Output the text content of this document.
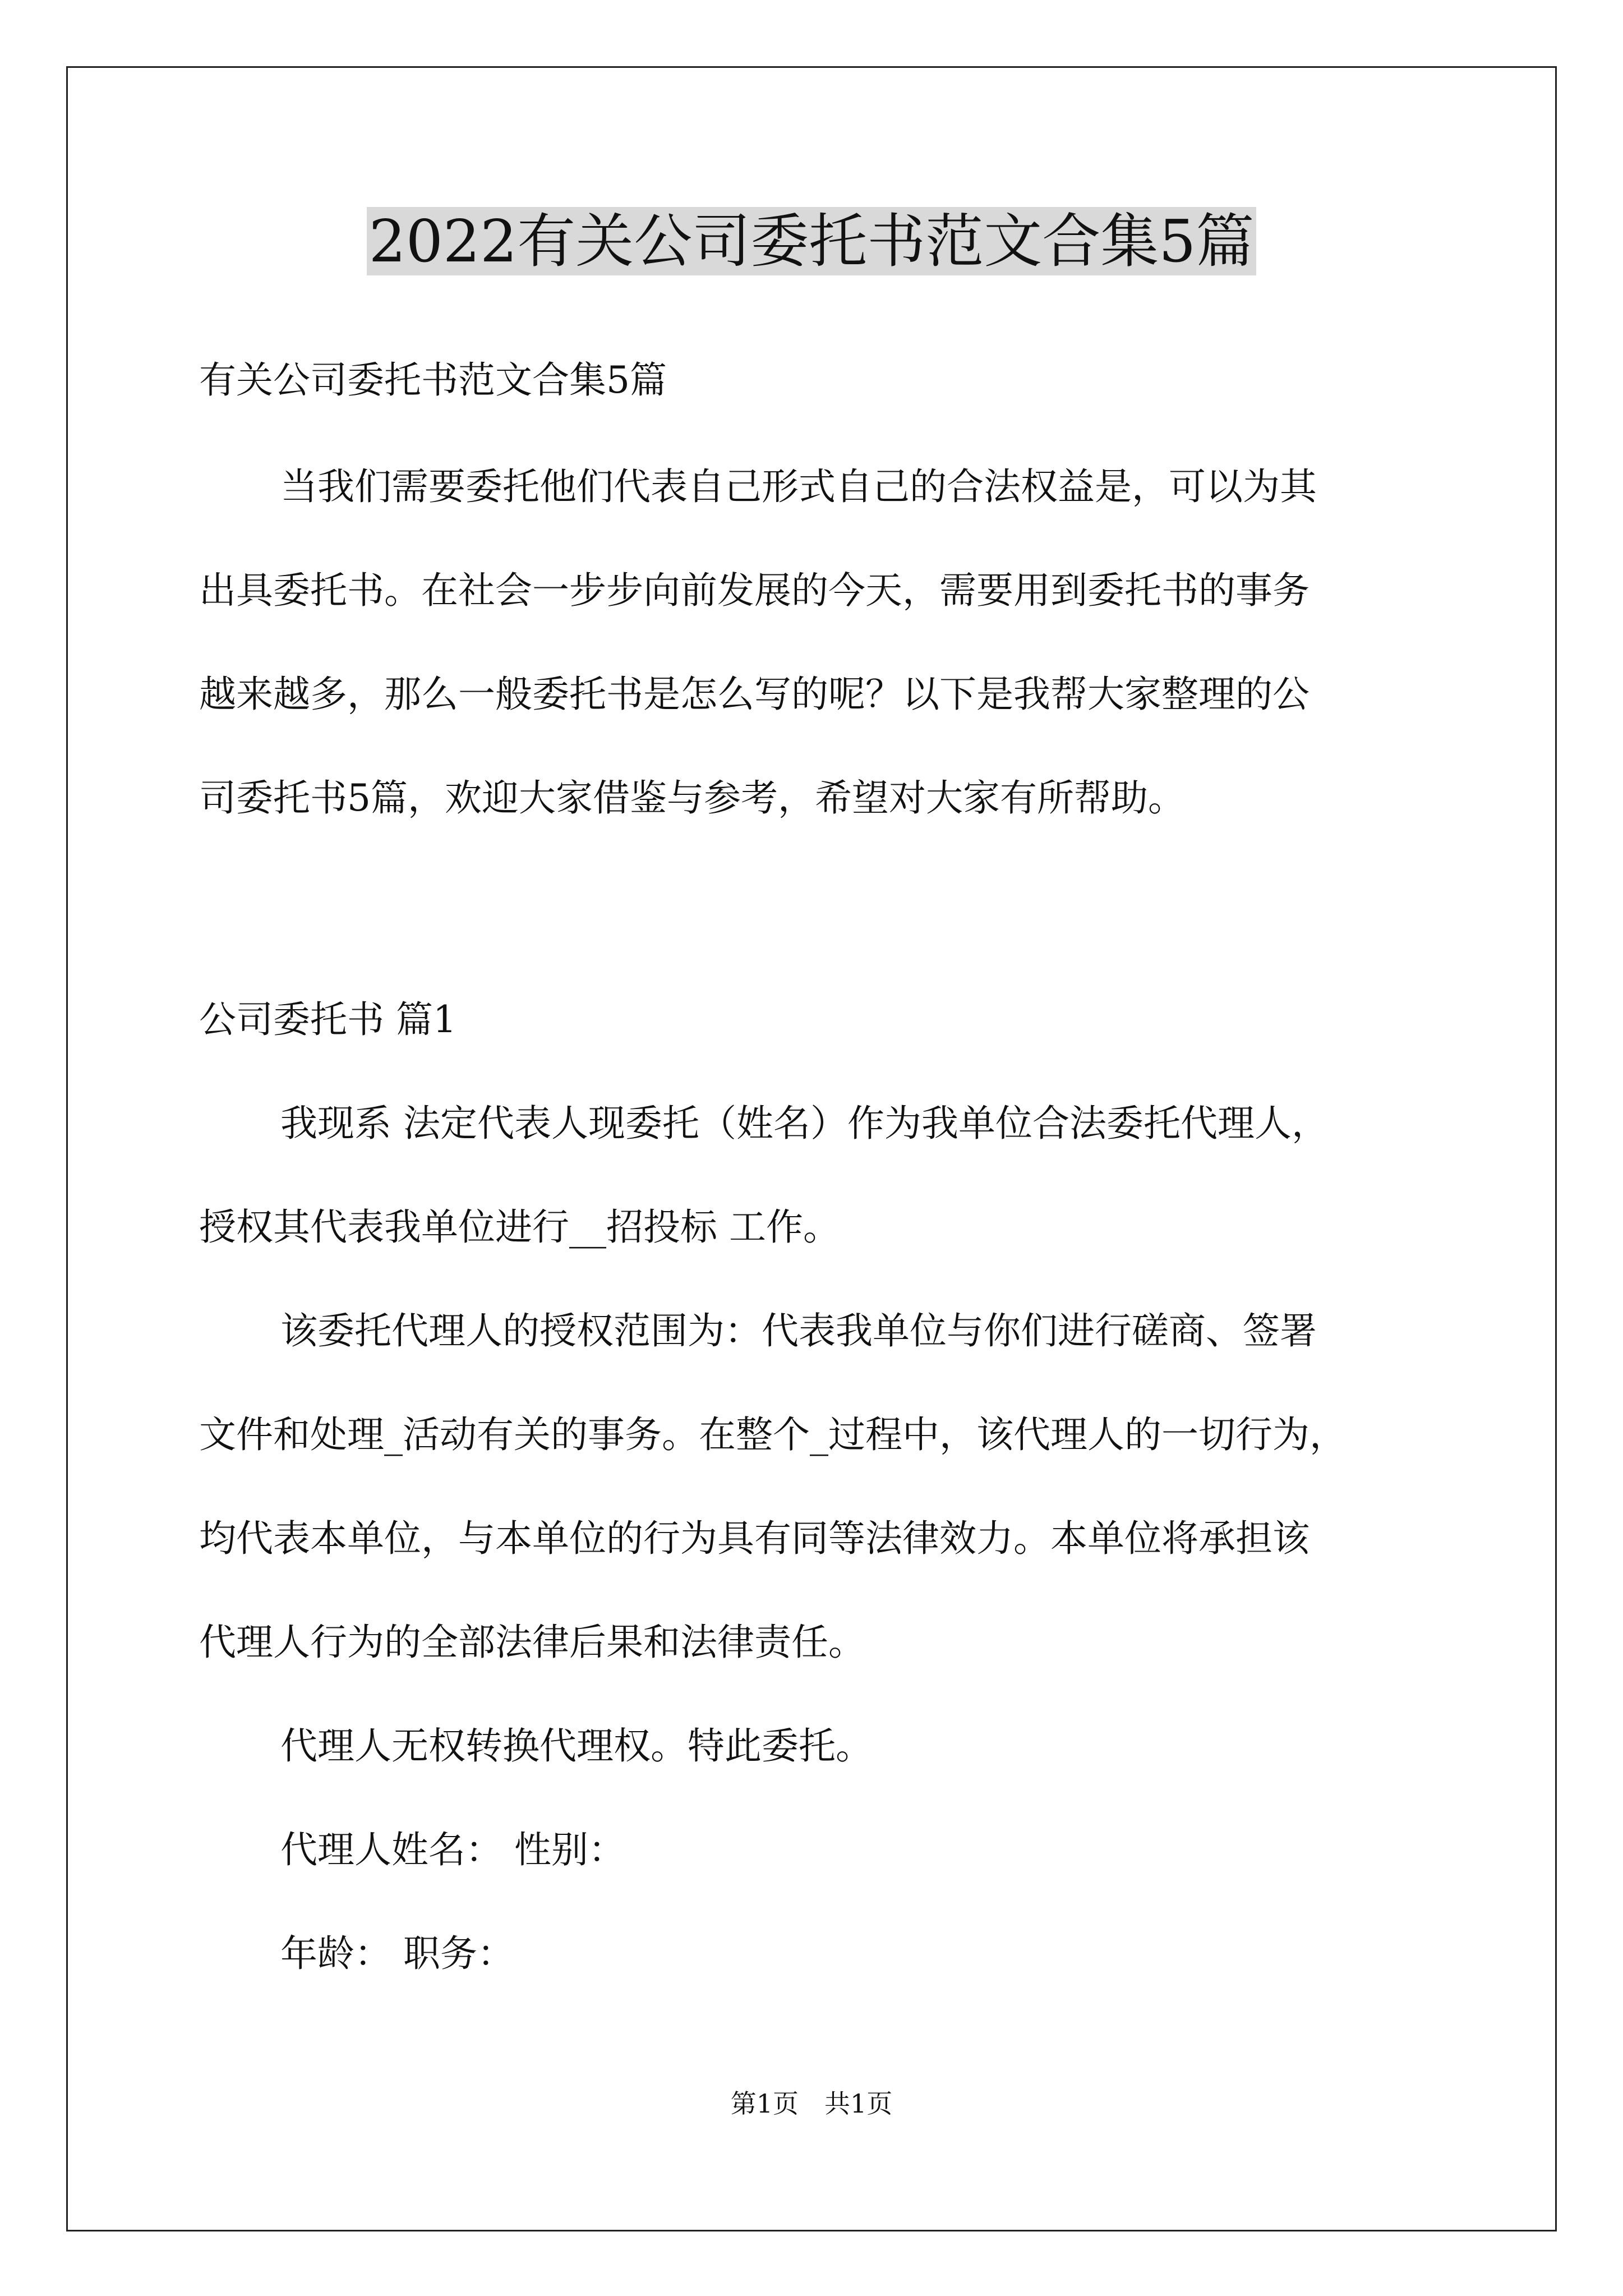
2022有关公司委托书范文合集5篇
有关公司委托书范文合集5篇
当我们需要委托他们代表自己形式自己的合法权益是，可以为其
出具委托书。在社会一步步向前发展的今天，需要用到委托书的事务
越来越多，那么一般委托书是怎么写的呢？以下是我帮大家整理的公
司委托书5篇，欢迎大家借鉴与参考，希望对大家有所帮助。
公司委托书 篇1
我现系 法定代表人现委托（姓名）作为我单位合法委托代理人，
授权其代表我单位进行__招投标 工作。
该委托代理人的授权范围为：代表我单位与你们进行磋商、签署
文件和处理_活动有关的事务。在整个_过程中，该代理人的一切行为，
均代表本单位，与本单位的行为具有同等法律效力。本单位将承担该
代理人行为的全部法律后果和法律责任。
代理人无权转换代理权。特此委托。
代理人姓名： 性别：
年龄： 职务：
第1页　共1页
